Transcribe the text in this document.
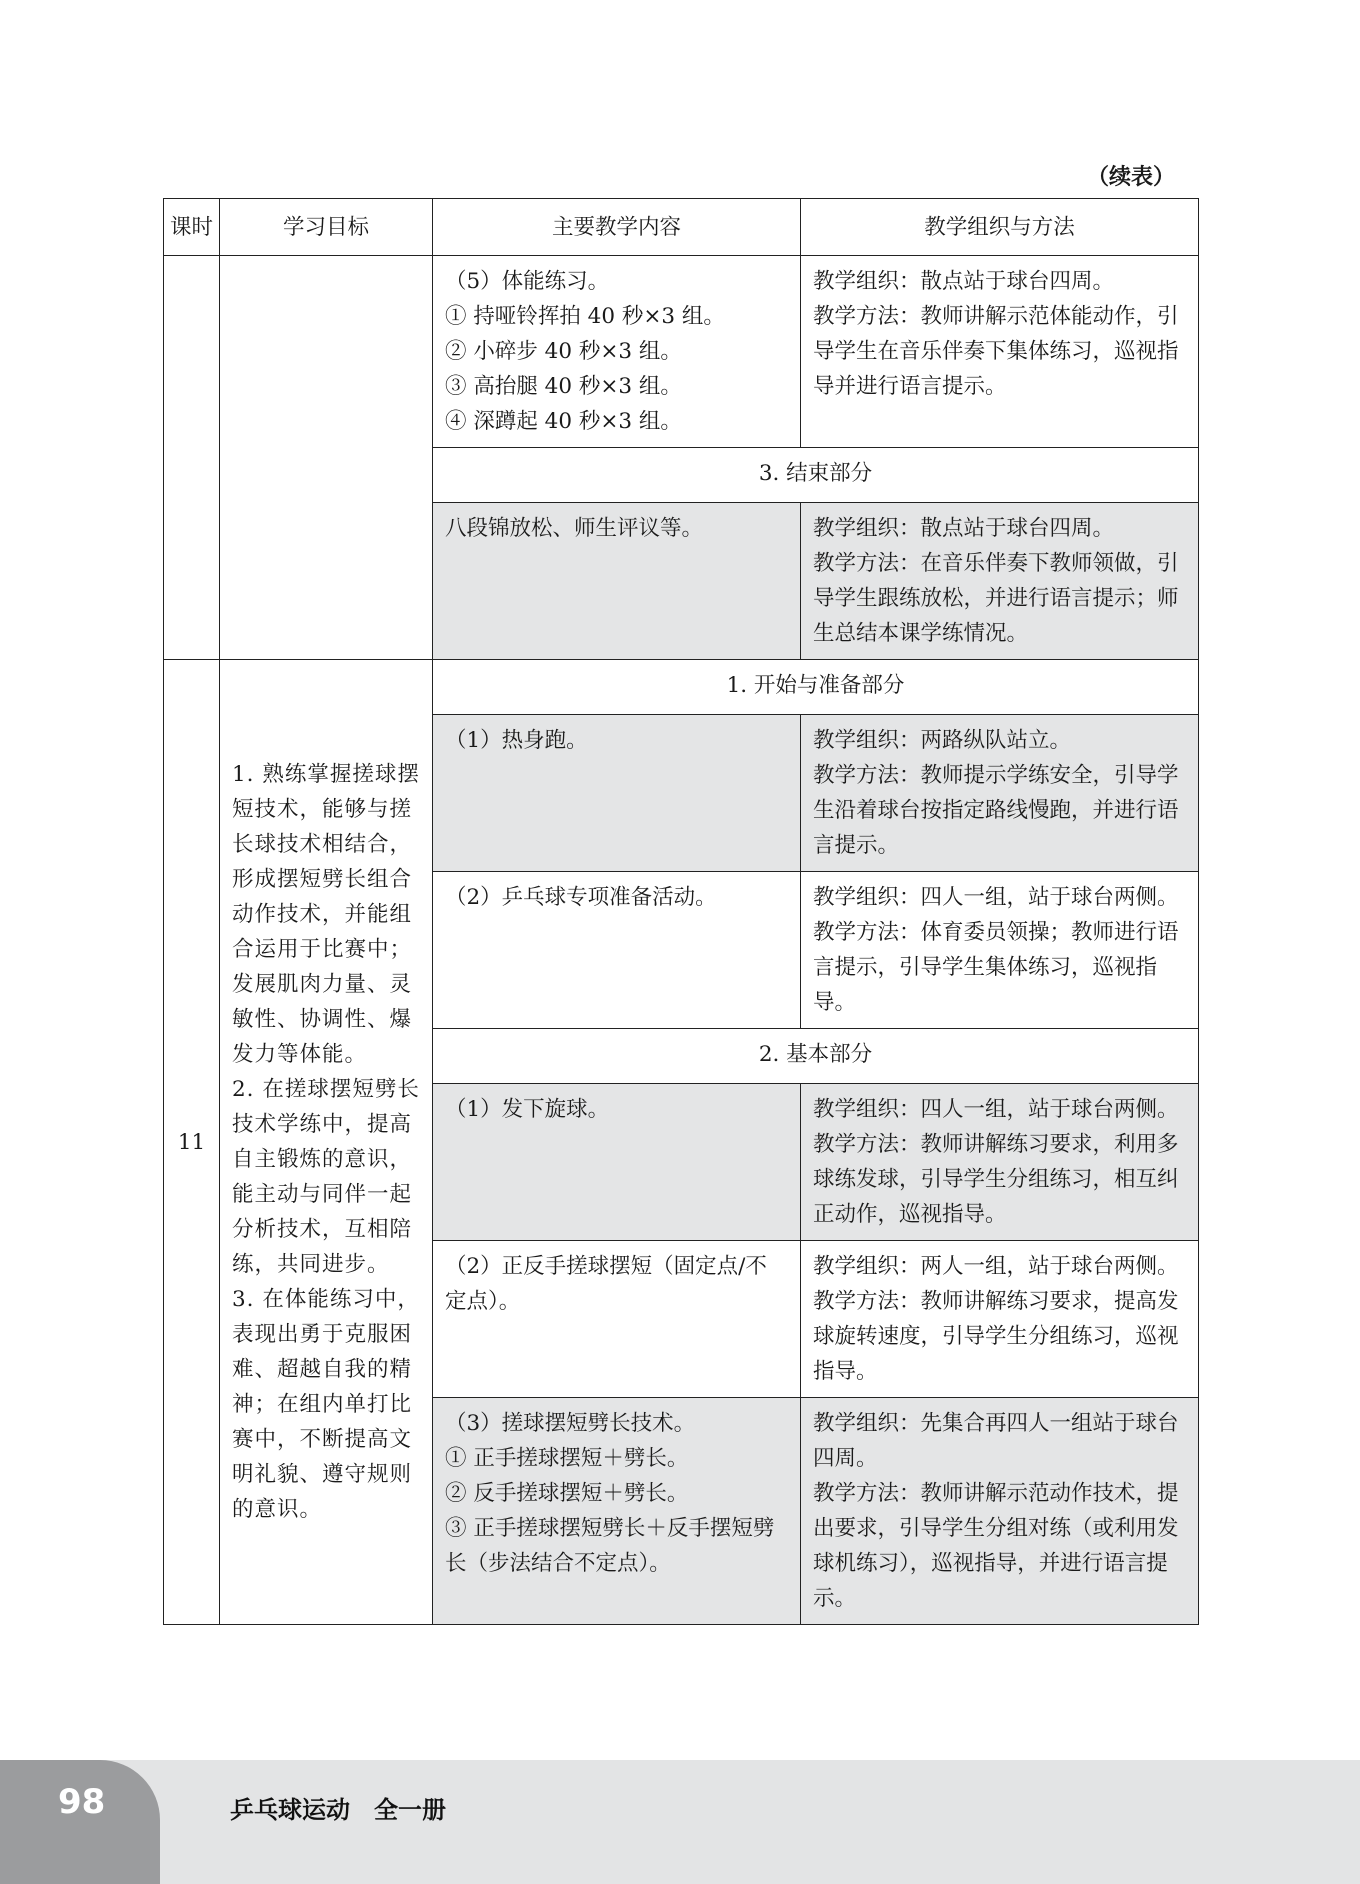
（续表）
课时	学习目标	主要教学内容	教学组织与方法

		（5）体能练习。
① 持哑铃挥拍 40 秒×3 组。
② 小碎步 40 秒×3 组。
③ 高抬腿 40 秒×3 组。
④ 深蹲起 40 秒×3 组。	教学组织：散点站于球台四周。
教学方法：教师讲解示范体能动作，引导学生在音乐伴奏下集体练习，巡视指导并进行语言提示。

		3. 结束部分	

		八段锦放松、师生评议等。	教学组织：散点站于球台四周。
教学方法：在音乐伴奏下教师领做，引导学生跟练放松，并进行语言提示；师生总结本课学练情况。

11	1. 熟练掌握搓球摆短技术，能够与搓长球技术相结合，形成摆短劈长组合动作技术，并能组合运用于比赛中；发展肌肉力量、灵敏性、协调性、爆发力等体能。
2. 在搓球摆短劈长技术学练中，提高自主锻炼的意识，能主动与同伴一起分析技术，互相陪练，共同进步。
3. 在体能练习中，表现出勇于克服困难、超越自我的精神；在组内单打比赛中，不断提高文明礼貌、遵守规则的意识。	1. 开始与准备部分	

		（1）热身跑。	教学组织：两路纵队站立。
教学方法：教师提示学练安全，引导学生沿着球台按指定路线慢跑，并进行语言提示。

		（2）乒乓球专项准备活动。	教学组织：四人一组，站于球台两侧。
教学方法：体育委员领操；教师进行语言提示，引导学生集体练习，巡视指导。

		2. 基本部分	

		（1）发下旋球。	教学组织：四人一组，站于球台两侧。
教学方法：教师讲解练习要求，利用多球练发球，引导学生分组练习，相互纠正动作，巡视指导。

		（2）正反手搓球摆短（固定点/不定点）。	教学组织：两人一组，站于球台两侧。
教学方法：教师讲解练习要求，提高发球旋转速度，引导学生分组练习，巡视指导。

		（3）搓球摆短劈长技术。
① 正手搓球摆短＋劈长。
② 反手搓球摆短＋劈长。
③ 正手搓球摆短劈长＋反手摆短劈长（步法结合不定点）。	教学组织：先集合再四人一组站于球台四周。
教学方法：教师讲解示范动作技术，提出要求，引导学生分组对练（或利用发球机练习），巡视指导，并进行语言提示。
98	乒乓球运动　全一册
